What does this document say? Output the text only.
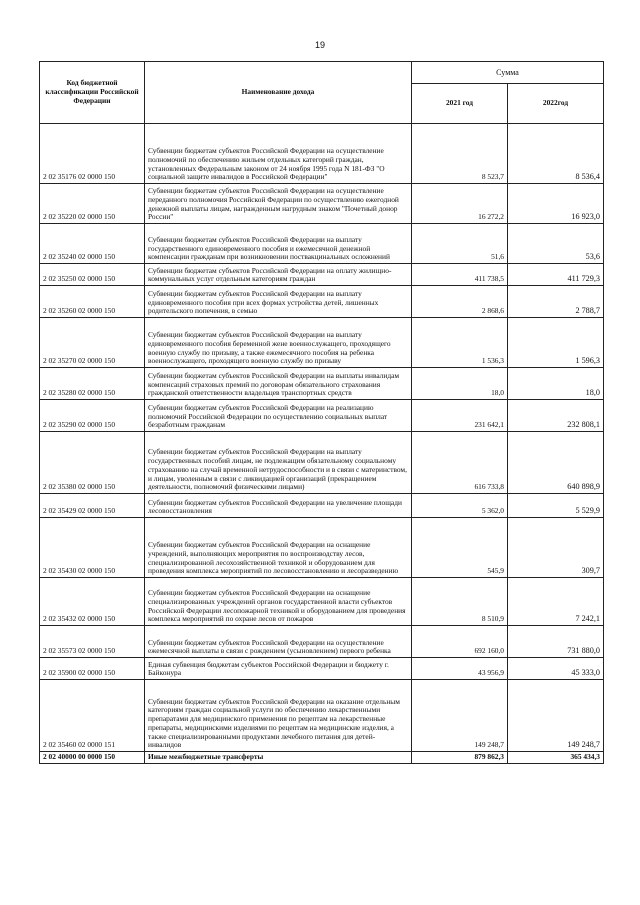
19
Код бюджетной классификации Российской Федерации	Наименование дохода	Сумма	
		2021 год	2022год
2 02 35176 02 0000 150	Субвенции бюджетам субъектов Российской Федерации на осуществление полномочий по обеспечению жильем отдельных категорий граждан, установленных Федеральным законом от 24 ноября 1995 года N 181-ФЗ "О социальной защите инвалидов в Российской Федерации"	8 523,7	8 536,4
2 02 35220 02 0000 150	Субвенции бюджетам субъектов Российской Федерации на осуществление переданного полномочия Российской Федерации по осуществлению ежегодной денежной выплаты лицам, награжденным нагрудным знаком "Почетный донор России"	16 272,2	16 923,0
2 02 35240 02 0000 150	Субвенции бюджетам субъектов Российской Федерации на выплату государственного единовременного пособия и ежемесячной денежной компенсации гражданам при возникновении поствакцинальных осложнений	51,6	53,6
2 02 35250 02 0000 150	Субвенции бюджетам субъектов Российской Федерации на оплату жилищно-коммунальных услуг отдельным категориям граждан	411 738,5	411 729,3
2 02 35260 02 0000 150	Субвенции бюджетам субъектов Российской Федерации на выплату единовременного пособия при всех формах устройства детей, лишенных родительского попечения, в семью	2 868,6	2 788,7
2 02 35270 02 0000 150	Субвенции бюджетам субъектов Российской Федерации на выплату единовременного пособия беременной жене военнослужащего, проходящего военную службу по призыву, а также ежемесячного пособия на ребенка военнослужащего, проходящего военную службу по призыву	1 536,3	1 596,3
2 02 35280 02 0000 150	Субвенции бюджетам субъектов Российской Федерации на выплаты инвалидам компенсаций страховых премий по договорам обязательного страхования гражданской ответственности владельцев транспортных средств	18,0	18,0
2 02 35290 02 0000 150	Субвенции бюджетам субъектов Российской Федерации на реализацию полномочий Российской Федерации по осуществлению социальных выплат безработным гражданам	231 642,1	232 808,1
2 02 35380 02 0000 150	Субвенции бюджетам субъектов Российской Федерации на выплату государственных пособий лицам, не подлежащим обязательному социальному страхованию на случай временной нетрудоспособности и в связи с материнством, и лицам, уволенным в связи с ликвидацией организаций (прекращением деятельности, полномочий физическими лицами)	616 733,8	640 898,9
2 02 35429 02 0000 150	Субвенции бюджетам субъектов Российской Федерации на увеличение площади лесовосстановления	5 362,0	5 529,9
2 02 35430 02 0000 150	Субвенции бюджетам субъектов Российской Федерации на оснащение учреждений, выполняющих мероприятия по воспроизводству лесов, специализированной лесохозяйственной техникой и оборудованием для проведения комплекса мероприятий по лесовосстановлению и лесоразведению	545,9	309,7
2 02 35432 02 0000 150	Субвенции бюджетам субъектов Российской Федерации на оснащение специализированных учреждений органов государственной власти субъектов Российской Федерации лесопожарной техникой и оборудованием для проведения комплекса мероприятий по охране лесов от пожаров	8 510,9	7 242,1
2 02 35573 02 0000 150	Субвенции бюджетам субъектов Российской Федерации на осуществление ежемесячной выплаты в связи с рождением (усыновлением) первого ребенка	692 160,0	731 880,0
2 02 35900 02 0000 150	Единая субвенция бюджетам субъектов Российской Федерации и бюджету г. Байконура	43 956,9	45 333,0
2 02 35460 02 0000 151	Субвенции бюджетам субъектов Российской Федерации на оказание отдельным категориям граждан социальной услуги по обеспечению лекарственными препаратами для медицинского применения по рецептам на лекарственные препараты, медицинскими изделиями по рецептам на медицинские изделия, а также специализированными продуктами лечебного питания для детей-инвалидов	149 248,7	149 248,7
2 02 40000 00 0000 150	Иные межбюджетные трансферты	879 862,3	365 434,3
